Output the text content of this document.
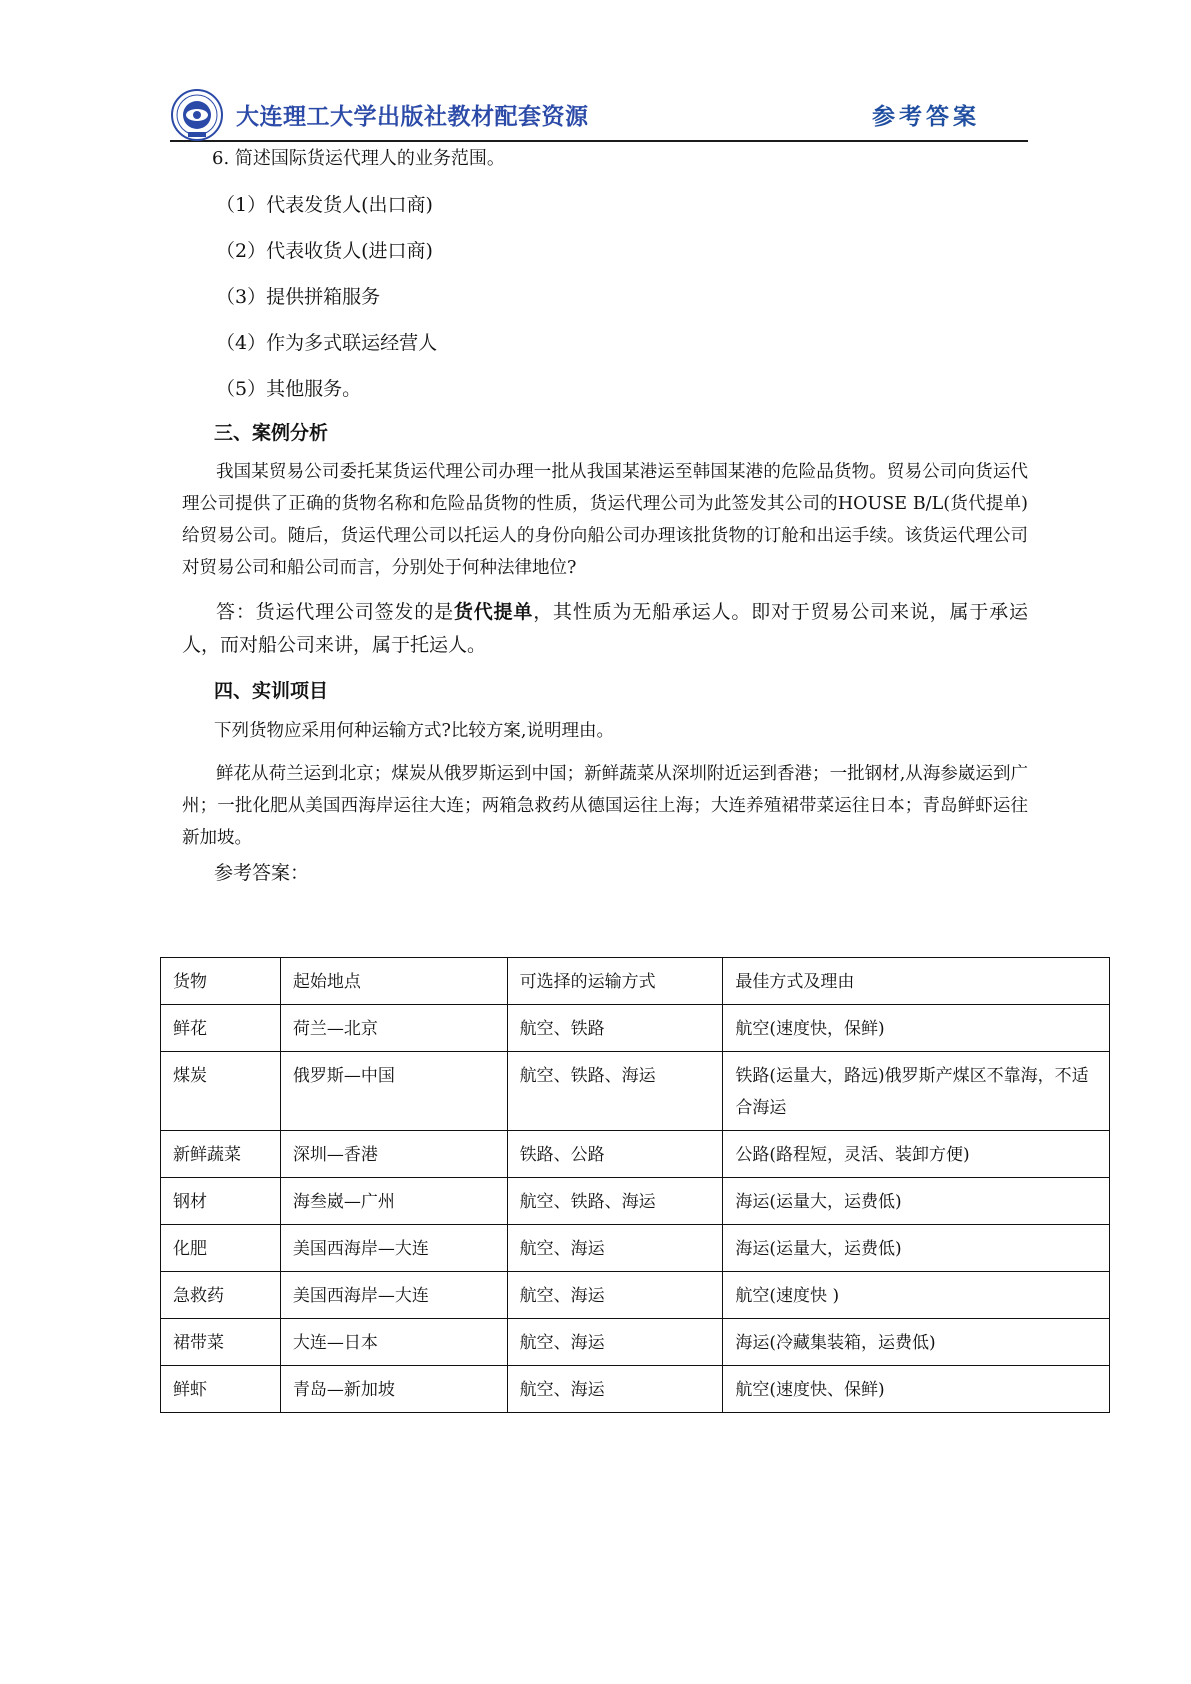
大连理工大学出版社教材配套资源	参考答案
6. 简述国际货运代理人的业务范围。
（1）代表发货人(出口商)
（2）代表收货人(进口商)
（3）提供拼箱服务
（4）作为多式联运经营人
（5）其他服务。
三、案例分析
我国某贸易公司委托某货运代理公司办理一批从我国某港运至韩国某港的危险品货物。贸易公司向货运代理公司提供了正确的货物名称和危险品货物的性质，货运代理公司为此签发其公司的HOUSE B/L(货代提单)给贸易公司。随后，货运代理公司以托运人的身份向船公司办理该批货物的订舱和出运手续。该货运代理公司对贸易公司和船公司而言，分别处于何种法律地位?
答：货运代理公司签发的是货代提单，其性质为无船承运人。即对于贸易公司来说，属于承运人，而对船公司来讲，属于托运人。
四、实训项目
下列货物应采用何种运输方式?比较方案,说明理由。
鲜花从荷兰运到北京；煤炭从俄罗斯运到中国；新鲜蔬菜从深圳附近运到香港；一批钢材,从海参崴运到广州；一批化肥从美国西海岸运往大连；两箱急救药从德国运往上海；大连养殖裙带菜运往日本；青岛鲜虾运往新加坡。
参考答案：
货物	起始地点	可选择的运输方式	最佳方式及理由
鲜花	荷兰—北京	航空、铁路	航空(速度快，保鲜)
煤炭	俄罗斯—中国	航空、铁路、海运	铁路(运量大，路远)俄罗斯产煤区不靠海，不适合海运
新鲜蔬菜	深圳—香港	铁路、公路	公路(路程短，灵活、装卸方便)
钢材	海叁崴—广州	航空、铁路、海运	海运(运量大，运费低)
化肥	美国西海岸—大连	航空、海运	海运(运量大，运费低)
急救药	美国西海岸—大连	航空、海运	航空(速度快 )
裙带菜	大连—日本	航空、海运	海运(冷藏集装箱，运费低)
鲜虾	青岛—新加坡	航空、海运	航空(速度快、保鲜)
